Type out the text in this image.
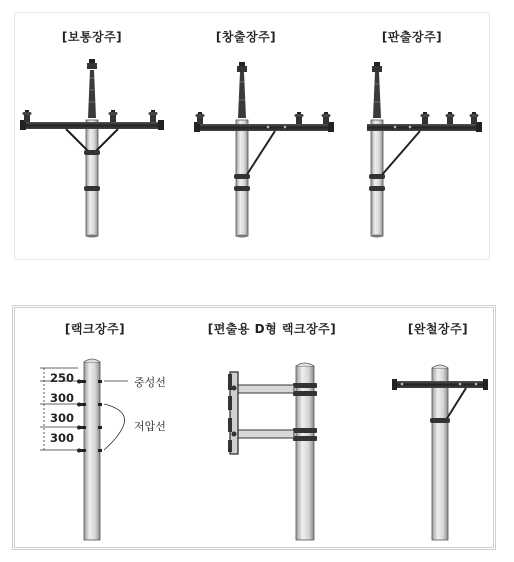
[보통장주]	[창출장주]	[판출장주]
[랙크장주]	[편출용 D형 랙크장주]	[완철장주]
250
300
300
300
중성선
저압선
